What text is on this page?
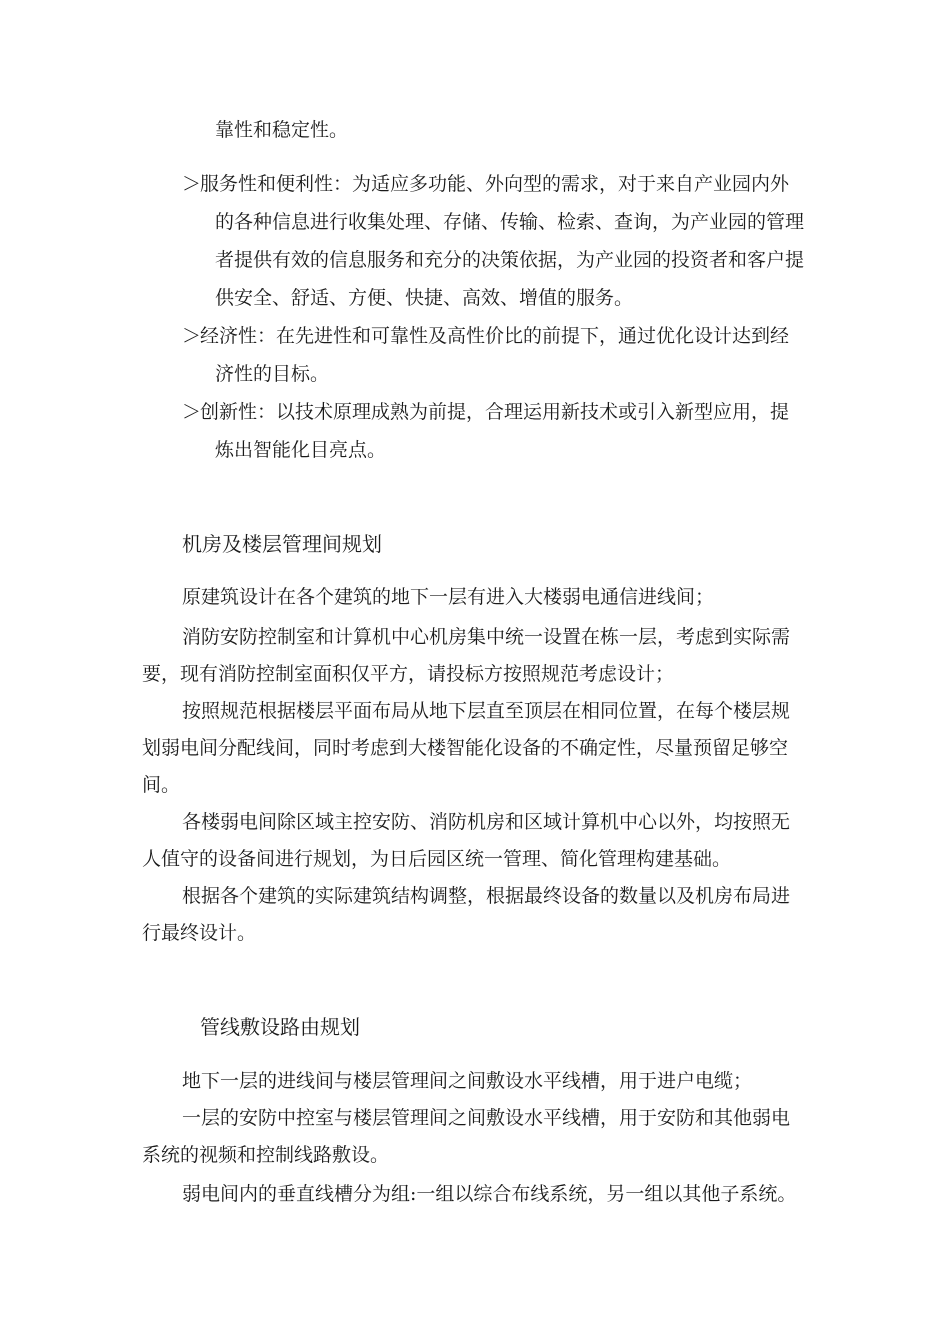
靠性和稳定性。
＞
服务性和便利性：为适应多功能、外向型的需求，对于来自产业园内外
的各种信息进行收集处理、存储、传输、检索、查询，为产业园的管理
者提供有效的信息服务和充分的决策依据，为产业园的投资者和客户提
供安全、舒适、方便、快捷、高效、增值的服务。
＞
经济性：在先进性和可靠性及高性价比的前提下，通过优化设计达到经
济性的目标。
＞
创新性：以技术原理成熟为前提，合理运用新技术或引入新型应用，提
炼出智能化目亮点。
机房及楼层管理间规划
原建筑设计在各个建筑的地下一层有进入大楼弱电通信进线间；
消防安防控制室和计算机中心机房集中统一设置在栋一层，考虑到实际需
要，现有消防控制室面积仅平方，请投标方按照规范考虑设计；
按照规范根据楼层平面布局从地下层直至顶层在相同位置，在每个楼层规
划弱电间分配线间，同时考虑到大楼智能化设备的不确定性，尽量预留足够空
间。
各楼弱电间除区域主控安防、消防机房和区域计算机中心以外，均按照无
人值守的设备间进行规划，为日后园区统一管理、简化管理构建基础。
根据各个建筑的实际建筑结构调整，根据最终设备的数量以及机房布局进
行最终设计。
管线敷设路由规划
地下一层的进线间与楼层管理间之间敷设水平线槽，用于进户电缆；
一层的安防中控室与楼层管理间之间敷设水平线槽，用于安防和其他弱电
系统的视频和控制线路敷设。
弱电间内的垂直线槽分为组:一组以综合布线系统，另一组以其他子系统。
